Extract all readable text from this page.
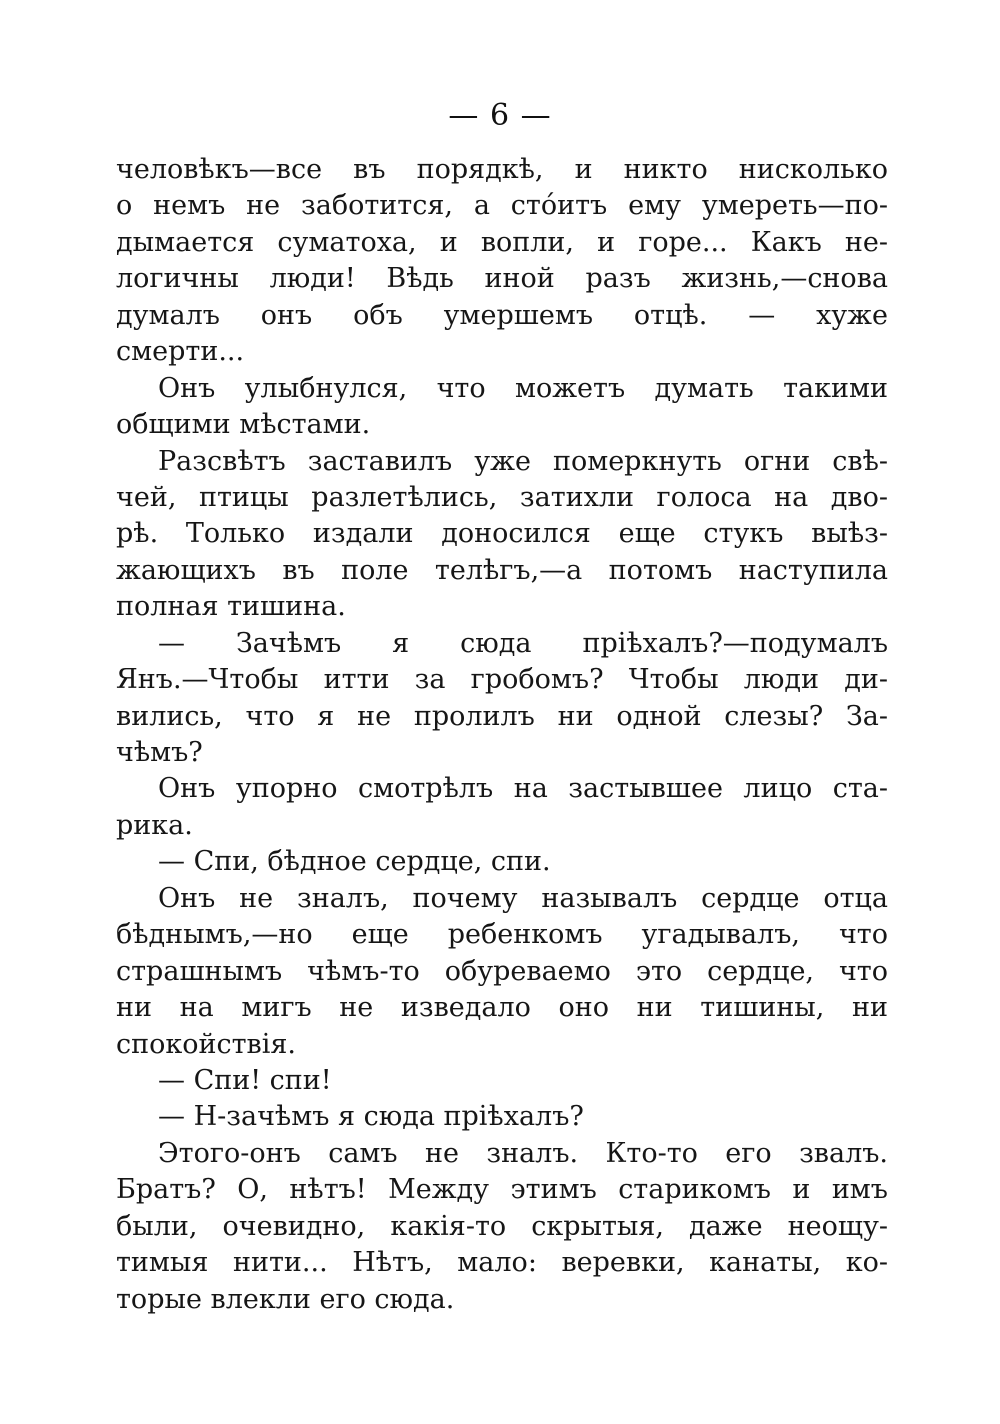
— 6 —
человѣкъ—все въ порядкѣ, и никто нисколько
о немъ не заботится, а стóитъ ему умереть—по-
дымается суматоха, и вопли, и горе... Какъ не-
логичны люди! Вѣдь иной разъ жизнь,—снова
думалъ онъ объ умершемъ отцѣ. — хуже
смерти...
Онъ улыбнулся, что можетъ думать такими
общими мѣстами.
Разсвѣтъ заставилъ уже померкнуть огни свѣ-
чей, птицы разлетѣлись, затихли голоса на дво-
рѣ. Только издали доносился еще стукъ выѣз-
жающихъ въ поле телѣгъ,—а потомъ наступила
полная тишина.
— Зачѣмъ я сюда пріѣхалъ?—подумалъ
Янъ.—Чтобы итти за гробомъ? Чтобы люди ди-
вились, что я не пролилъ ни одной слезы? За-
чѣмъ?
Онъ упорно смотрѣлъ на застывшее лицо ста-
рика.
— Спи, бѣдное сердце, спи.
Онъ не зналъ, почему называлъ сердце отца
бѣднымъ,—но еще ребенкомъ угадывалъ, что
страшнымъ чѣмъ-то обуреваемо это сердце, что
ни на мигъ не изведало оно ни тишины, ни
спокойствія.
— Спи! спи!
— Н-зачѣмъ я сюда пріѣхалъ?
Этого-онъ самъ не зналъ. Кто-то его звалъ.
Братъ? О, нѣтъ! Между этимъ старикомъ и имъ
были, очевидно, какія-то скрытыя, даже неощу-
тимыя нити... Нѣтъ, мало: веревки, канаты, ко-
торые влекли его сюда.
